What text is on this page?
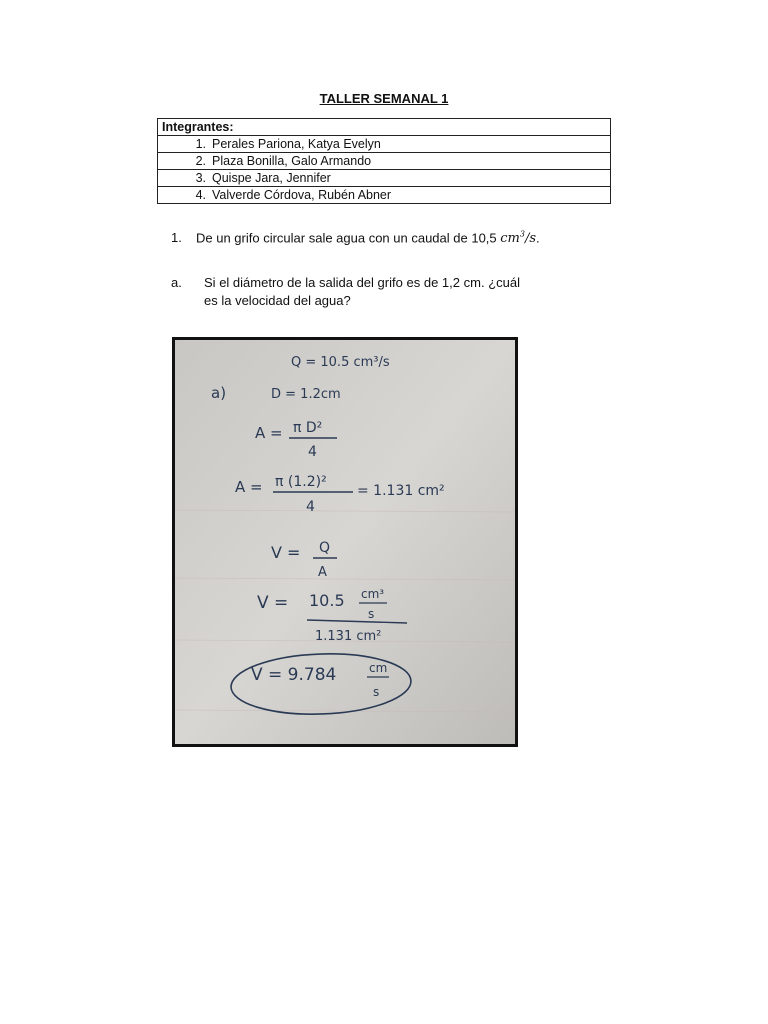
TALLER SEMANAL 1
Integrantes:
1. Perales Pariona, Katya Evelyn
2. Plaza Bonilla, Galo Armando
3. Quispe Jara, Jennifer
4. Valverde Córdova, Rubén Abner
1. De un grifo circular sale agua con un caudal de 10,5 $cm^3/s$.
a. Si el diámetro de la salida del grifo es de 1,2 cm. ¿cuál es la velocidad del agua?
a)
Q = 10.5 cm³/s
D = 1.2cm
A = π D²
4
A = π (1.2)²
4
= 1.131 cm²
V = Q
A
V = 10.5 cm³
s
1.131 cm²
V = 9.784	cm
s
